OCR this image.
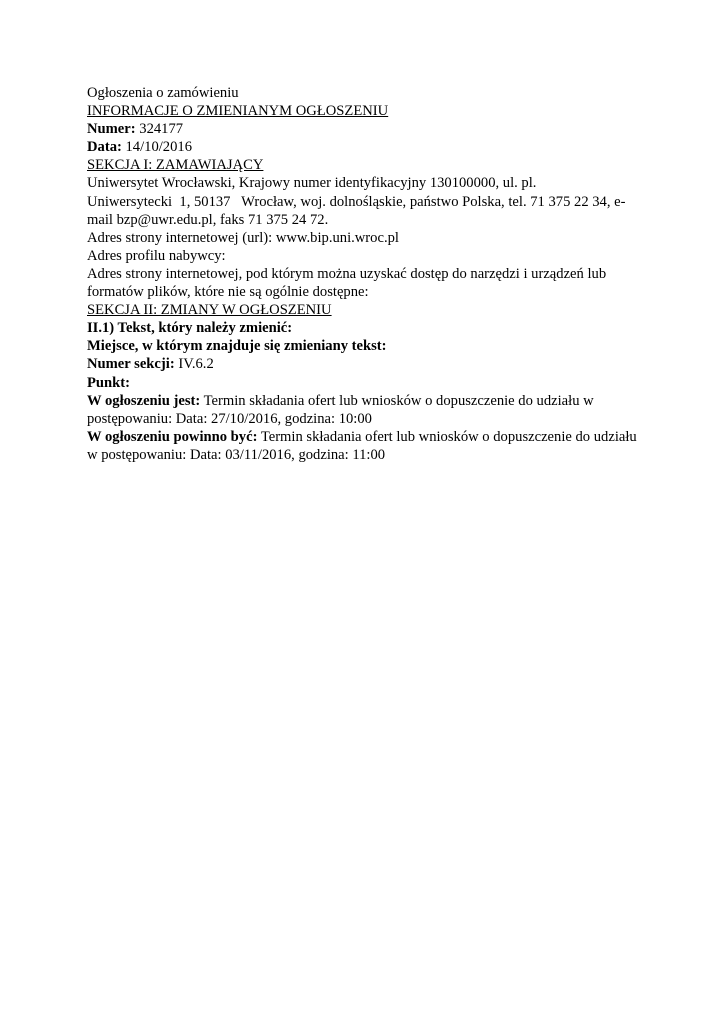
Ogłoszenia o zamówieniu
INFORMACJE O ZMIENIANYM OGŁOSZENIU
Numer: 324177
Data: 14/10/2016
SEKCJA I: ZAMAWIAJĄCY
Uniwersytet Wrocławski, Krajowy numer identyfikacyjny 130100000, ul. pl.
Uniwersytecki  1, 50137   Wrocław, woj. dolnośląskie, państwo Polska, tel. 71 375 22 34, e-
mail bzp@uwr.edu.pl, faks 71 375 24 72.
Adres strony internetowej (url): www.bip.uni.wroc.pl
Adres profilu nabywcy:
Adres strony internetowej, pod którym można uzyskać dostęp do narzędzi i urządzeń lub
formatów plików, które nie są ogólnie dostępne:
SEKCJA II: ZMIANY W OGŁOSZENIU
II.1) Tekst, który należy zmienić:
Miejsce, w którym znajduje się zmieniany tekst:
Numer sekcji: IV.6.2
Punkt:
W ogłoszeniu jest: Termin składania ofert lub wniosków o dopuszczenie do udziału w
postępowaniu: Data: 27/10/2016, godzina: 10:00
W ogłoszeniu powinno być: Termin składania ofert lub wniosków o dopuszczenie do udziału
w postępowaniu: Data: 03/11/2016, godzina: 11:00
